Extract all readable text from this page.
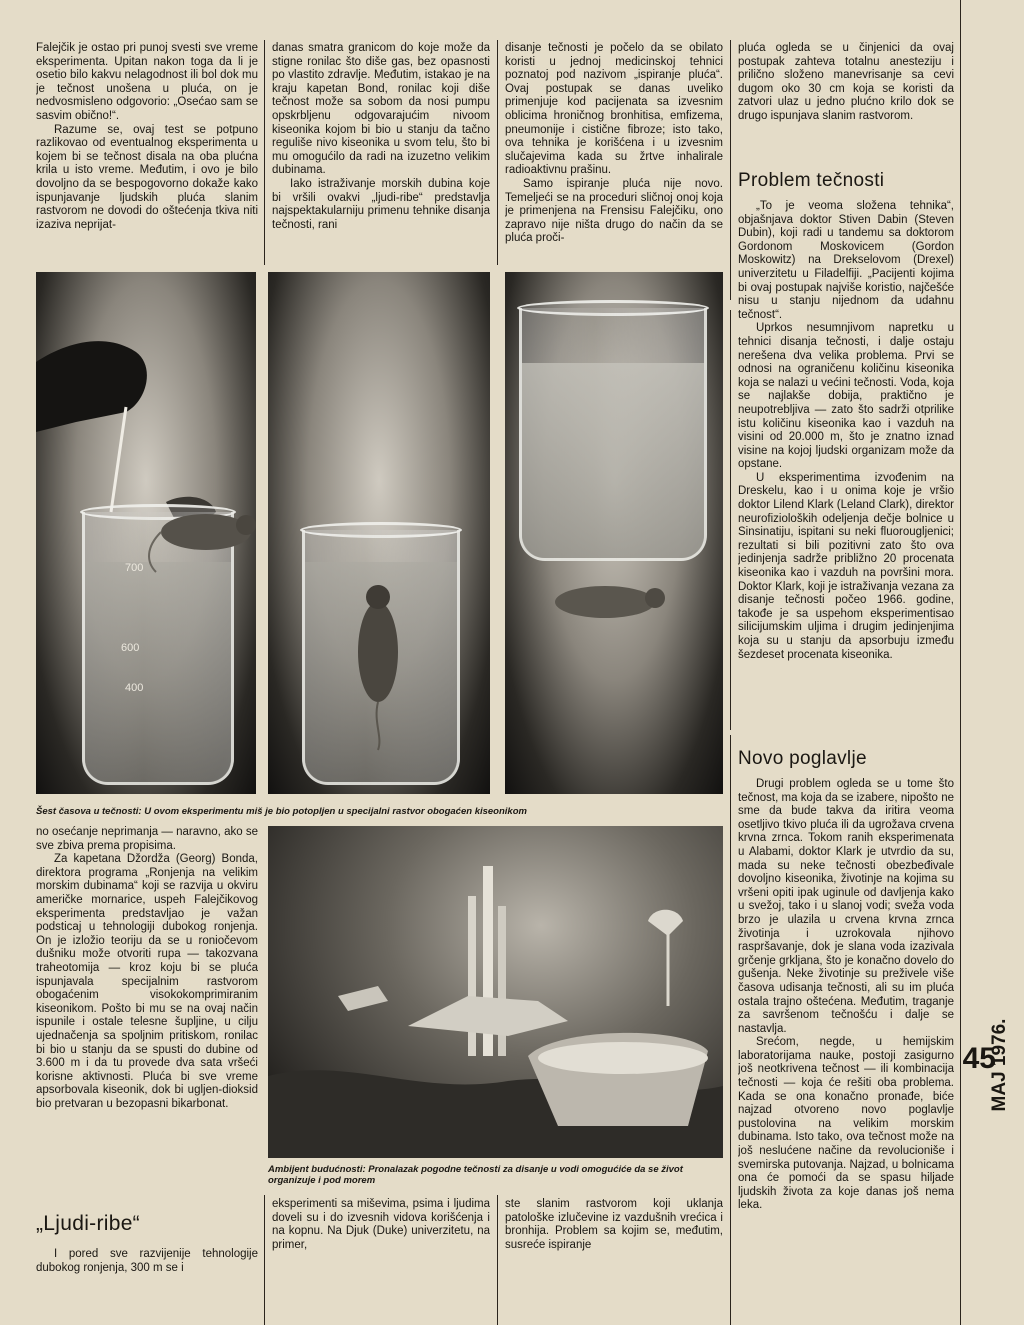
Falejčik je ostao pri punoj svesti sve vreme eksperimenta. Upitan nakon toga da li je osetio bilo kakvu nelagodnost ili bol dok mu je tečnost unošena u pluća, on je nedvosmisleno odgovorio: „Osećao sam se sasvim obično!“.

Razume se, ovaj test se potpuno razlikovao od eventualnog eksperimenta u kojem bi se tečnost disala na oba plućna krila u isto vreme. Međutim, i ovo je bilo dovoljno da se bespogovorno dokaže kako ispunjavanje ljudskih pluća slanim rastvorom ne dovodi do oštećenja tkiva niti izaziva neprijat-

danas smatra granicom do koje može da stigne ronilac što diše gas, bez opasnosti po vlastito zdravlje. Međutim, istakao je na kraju kapetan Bond, ronilac koji diše tečnost može sa sobom da nosi pumpu opskrbljenu odgovarajućim nivoom kiseonika kojom bi bio u stanju da tačno reguliše nivo kiseonika u svom telu, što bi mu omogućilo da radi na izuzetno velikim dubinama.

Iako istraživanje morskih dubina koje bi vršili ovakvi „ljudi-ribe“ predstavlja najspektakularniju primenu tehnike disanja tečnosti, rani

disanje tečnosti je počelo da se obilato koristi u jednoj medicinskoj tehnici poznatoj pod nazivom „ispiranje pluća“. Ovaj postupak se danas uveliko primenjuje kod pacijenata sa izvesnim oblicima hroničnog bronhitisa, emfizema, pneumonije i cistične fibroze; isto tako, ova tehnika je korišćena i u izvesnim slučajevima kada su žrtve inhalirale radioaktivnu prašinu.

Samo ispiranje pluća nije novo. Temeljeći se na proceduri sličnoj onoj koja je primenjena na Frensisu Falejčiku, ono zapravo nije ništa drugo do način da se pluća proči-

pluća ogleda se u činjenici da ovaj postupak zahteva totalnu anesteziju i prilično složeno manevrisanje sa cevi dugom oko 30 cm koja se koristi da zatvori ulaz u jedno plućno krilo dok se drugo ispunjava slanim rastvorom.

Problem tečnosti

„To je veoma složena tehnika“, objašnjava doktor Stiven Dabin (Steven Dubin), koji radi u tandemu sa doktorom Gordonom Moskovicem (Gordon Moskowitz) na Drekselovom (Drexel) univerzitetu u Filadelfiji. „Pacijenti kojima bi ovaj postupak najviše koristio, najčešće nisu u stanju nijednom da udahnu tečnost“.

Uprkos nesumnjivom napretku u tehnici disanja tečnosti, i dalje ostaju nerešena dva velika problema. Prvi se odnosi na ograničenu količinu kiseonika koja se nalazi u većini tečnosti. Voda, koja se najlakše dobija, praktično je neupotrebljiva — zato što sadrži otprilike istu količinu kiseonika kao i vazduh na visini od 20.000 m, što je znatno iznad visine na kojoj ljudski organizam može da opstane.

U eksperimentima izvođenim na Dreskelu, kao i u onima koje je vršio doktor Lilend Klark (Leland Clark), direktor neurofizioloških odeljenja dečje bolnice u Sinsinatiju, ispitani su neki fluorougljenici; rezultati si bili pozitivni zato što ova jedinjenja sadrže približno 20 procenata kiseonika kao i vazduh na površini mora. Doktor Klark, koji je istraživanja vezana za disanje tečnosti počeo 1966. godine, takođe je sa uspehom eksperimentisao silicijumskim uljima i drugim jedinjenjima koja su u stanju da apsorbuju između šezdeset procenata kiseonika.

Novo poglavlje

Drugi problem ogleda se u tome što tečnost, ma koja da se izabere, nipošto ne sme da bude takva da iritira veoma osetljivo tkivo pluća ili da ugrožava crvena krvna zrnca. Tokom ranih eksperimenata u Alabami, doktor Klark je utvrdio da su, mada su neke tečnosti obezbeđivale dovoljno kiseonika, životinje na kojima su vršeni opiti ipak uginule od davljenja kako u svežoj, tako i u slanoj vodi; sveža voda brzo je ulazila u crvena krvna zrnca životinja i uzrokovala njihovo raspršavanje, dok je slana voda izazivala grčenje grkljana, što je konačno dovelo do gušenja. Neke životinje su preživele više časova udisanja tečnosti, ali su im pluća ostala trajno oštećena. Međutim, traganje za savršenom tečnošću i dalje se nastavlja.

Srećom, negde, u hemijskim laboratorijama nauke, postoji zasigurno još neotkrivena tečnost — ili kombinacija tečnosti — koja će rešiti oba problema. Kada se ona konačno pronađe, biće najzad otvoreno novo poglavlje pustolovina na velikim morskim dubinama. Isto tako, ova tečnost može na još neslućene načine da revolucioniše i svemirska putovanja. Najzad, u bolnicama ona će pomoći da se spasu hiljade ljudskih života za koje danas još nema leka.

700
600
400
Šest časova u tečnosti: U ovom eksperimentu miš je bio potopljen u specijalni rastvor obogaćen kiseonikom

no osećanje neprimanja — naravno, ako se sve zbiva prema propisima.

Za kapetana Džordža (Georg) Bonda, direktora programa „Ronjenja na velikim morskim dubinama“ koji se razvija u okviru američke mornarice, uspeh Falejčikovog eksperimenta predstavljao je važan podsticaj u tehnologiji dubokog ronjenja. On je izložio teoriju da se u roniočevom dušniku može otvoriti rupa — takozvana traheotomija — kroz koju bi se pluća ispunjavala specijalnim rastvorom obogaćenim visokokomprimiranim kiseonikom. Pošto bi mu se na ovaj način ispunile i ostale telesne šupljine, u cilju ujednačenja sa spoljnim pritiskom, ronilac bi bio u stanju da se spusti do dubine od 3.600 m i da tu provede dva sata vršeći korisne aktivnosti. Pluća bi sve vreme apsorbovala kiseonik, dok bi ugljen-dioksid bio pretvaran u bezopasni bikarbonat.

„Ljudi-ribe“

I pored sve razvijenije tehnologije dubokog ronjenja, 300 m se i

Ambijent budućnosti: Pronalazak pogodne tečnosti za disanje u vodi omogućiće da se život organizuje i pod morem

eksperimenti sa miševima, psima i ljudima doveli su i do izvesnih vidova korišćenja i na kopnu. Na Djuk (Duke) univerzitetu, na primer,

ste slanim rastvorom koji uklanja patološke izlučevine iz vazdušnih vrećica i bronhija. Problem sa kojim se, međutim, susreće ispiranje

MAJ 1976.
45
